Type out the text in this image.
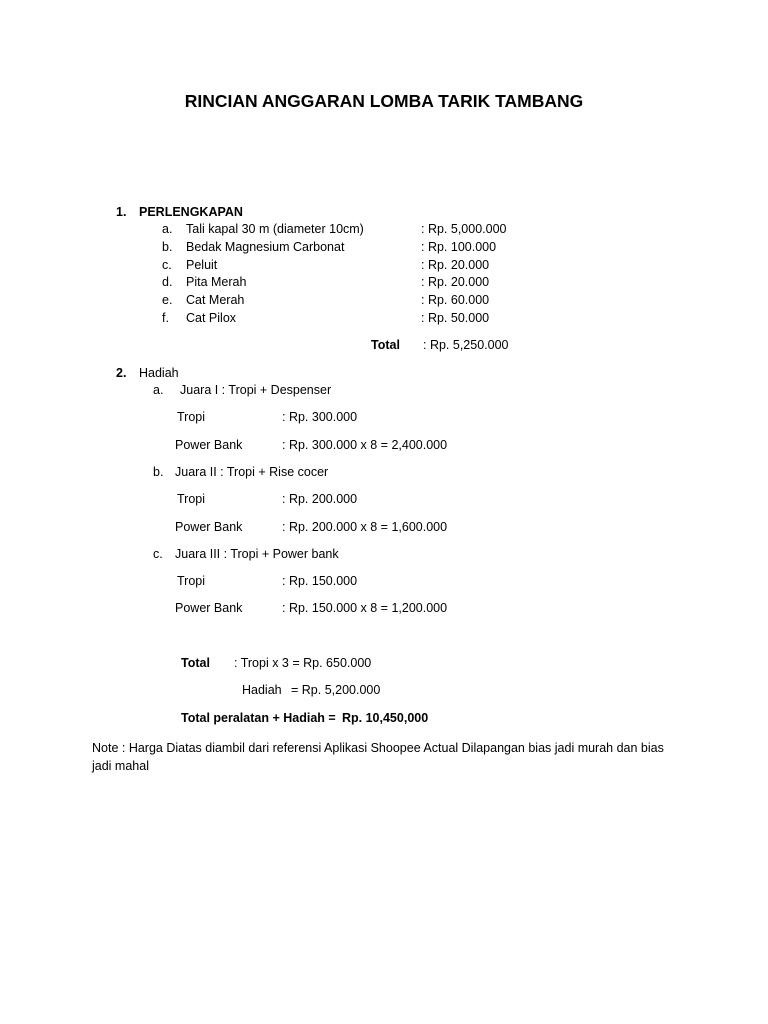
RINCIAN ANGGARAN LOMBA TARIK TAMBANG
1. PERLENGKAPAN
a. Tali kapal 30 m (diameter 10cm)	: Rp. 5,000.000
b. Bedak Magnesium Carbonat	: Rp. 100.000
c. Peluit	: Rp. 20.000
d. Pita Merah	: Rp. 20.000
e. Cat Merah	: Rp. 60.000
f. Cat Pilox	: Rp. 50.000
Total : Rp. 5,250.000
2. Hadiah
a. Juara I : Tropi + Despenser
Tropi	: Rp. 300.000
Power Bank	: Rp. 300.000 x 8 = 2,400.000
b. Juara II : Tropi + Rise cocer
Tropi	: Rp. 200.000
Power Bank	: Rp. 200.000 x 8 = 1,600.000
c. Juara III : Tropi + Power bank
Tropi	: Rp. 150.000
Power Bank	: Rp. 150.000 x 8 = 1,200.000
Total : Tropi x 3 = Rp. 650.000
Hadiah = Rp. 5,200.000
Total peralatan + Hadiah = Rp. 10,450,000
Note : Harga Diatas diambil dari referensi Aplikasi Shoopee Actual Dilapangan bias jadi murah dan bias jadi mahal
